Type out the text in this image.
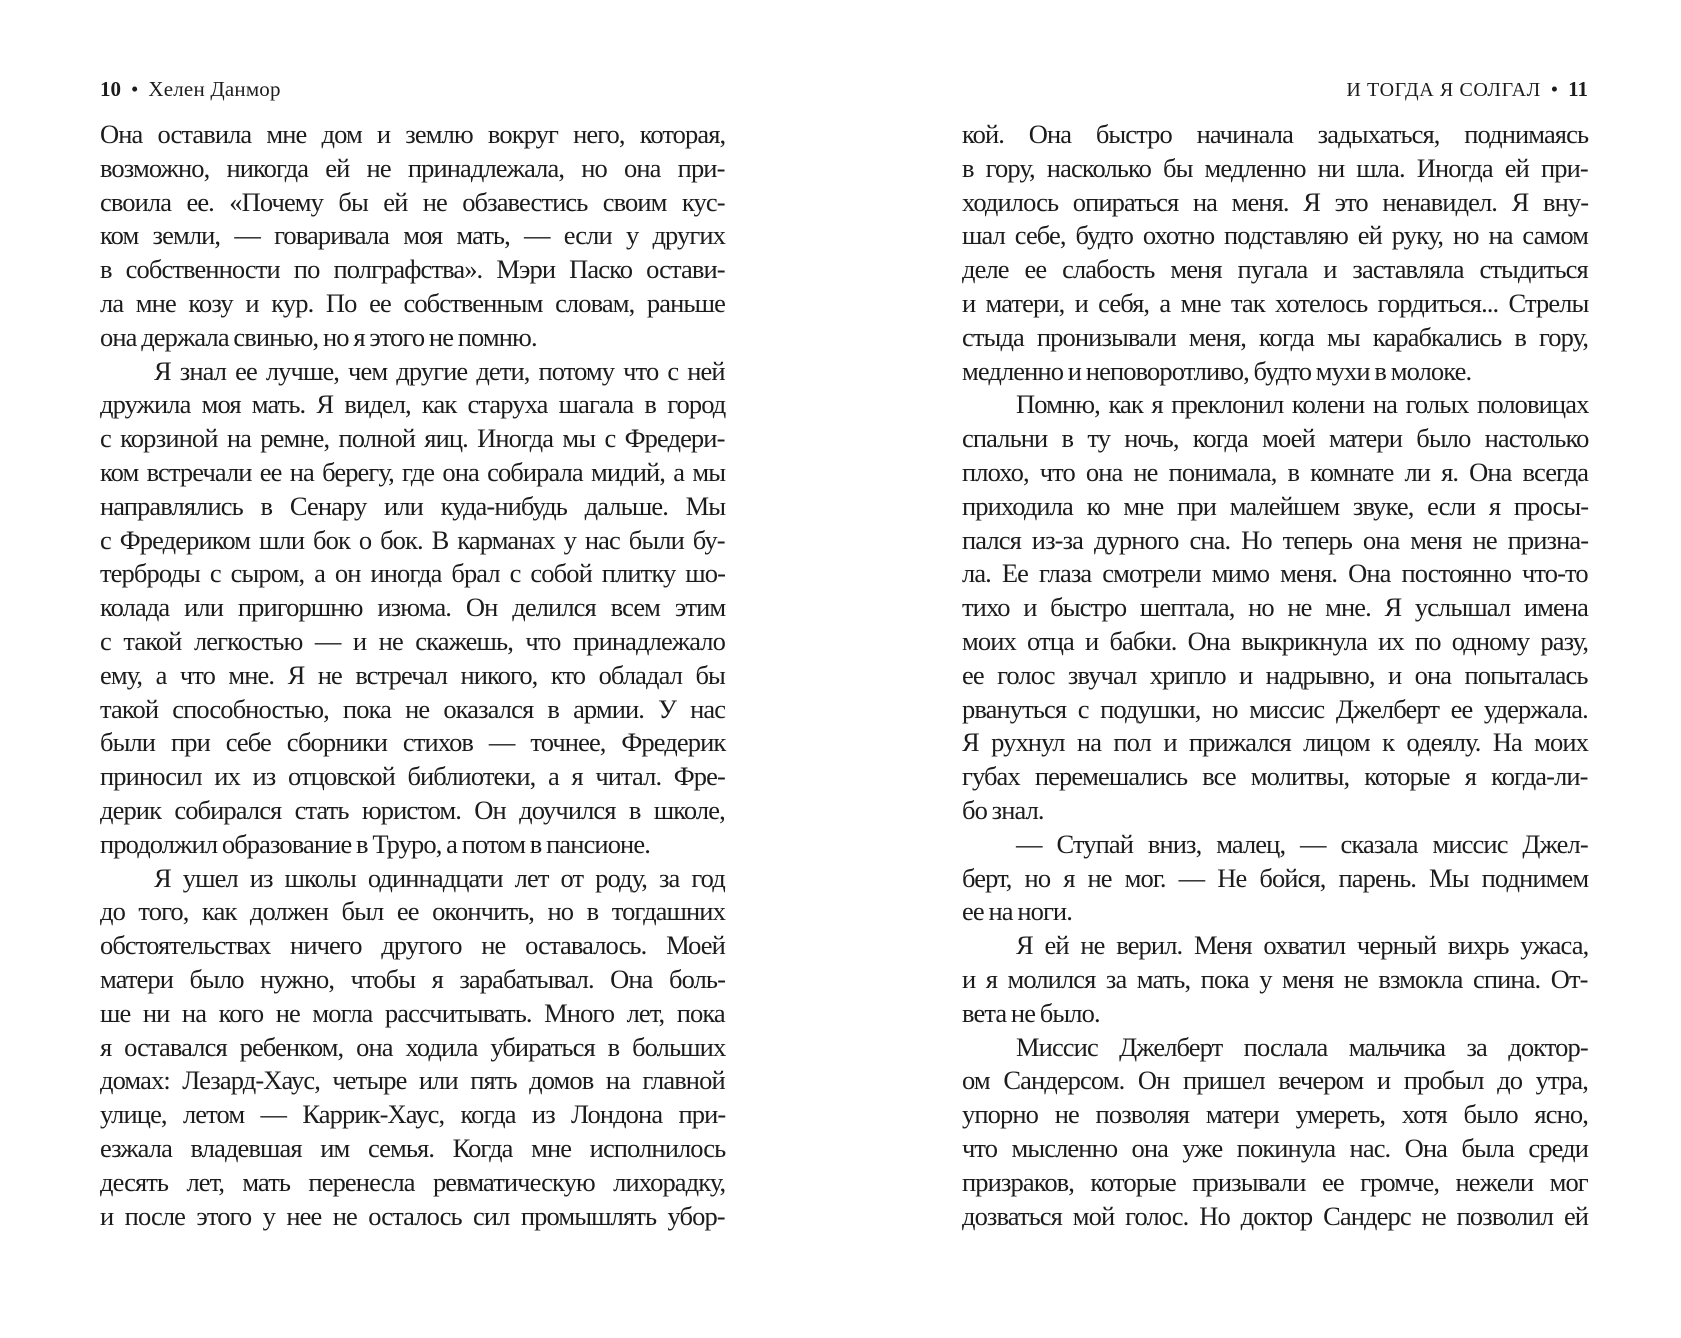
10 • Хелен Данмор
Она оставила мне дом и землю вокруг него, которая,
возможно, никогда ей не принадлежала, но она при-
своила ее. «Почему бы ей не обзавестись своим кус-
ком земли, — говаривала моя мать, — если у других
в собственности по полграфства». Мэри Паско остави-
ла мне козу и кур. По ее собственным словам, раньше
она держала свинью, но я этого не помню.
Я знал ее лучше, чем другие дети, потому что с ней
дружила моя мать. Я видел, как старуха шагала в город
с корзиной на ремне, полной яиц. Иногда мы с Фредери-
ком встречали ее на берегу, где она собирала мидий, а мы
направлялись в Сенару или куда-нибудь дальше. Мы
с Фредериком шли бок о бок. В карманах у нас были бу-
терброды с сыром, а он иногда брал с собой плитку шо-
колада или пригоршню изюма. Он делился всем этим
с такой легкостью — и не скажешь, что принадлежало
ему, а что мне. Я не встречал никого, кто обладал бы
такой способностью, пока не оказался в армии. У нас
были при себе сборники стихов — точнее, Фредерик
приносил их из отцовской библиотеки, а я читал. Фре-
дерик собирался стать юристом. Он доучился в школе,
продолжил образование в Труро, а потом в пансионе.
Я ушел из школы одиннадцати лет от роду, за год
до того, как должен был ее окончить, но в тогдашних
обстоятельствах ничего другого не оставалось. Моей
матери было нужно, чтобы я зарабатывал. Она боль-
ше ни на кого не могла рассчитывать. Много лет, пока
я оставался ребенком, она ходила убираться в больших
домах: Лезард-Хаус, четыре или пять домов на главной
улице, летом — Каррик-Хаус, когда из Лондона при-
езжала владевшая им семья. Когда мне исполнилось
десять лет, мать перенесла ревматическую лихорадку,
и после этого у нее не осталось сил промышлять убор-
И ТОГДА Я СОЛГАЛ • 11
кой. Она быстро начинала задыхаться, поднимаясь
в гору, насколько бы медленно ни шла. Иногда ей при-
ходилось опираться на меня. Я это ненавидел. Я вну-
шал себе, будто охотно подставляю ей руку, но на самом
деле ее слабость меня пугала и заставляла стыдиться
и матери, и себя, а мне так хотелось гордиться... Стрелы
стыда пронизывали меня, когда мы карабкались в гору,
медленно и неповоротливо, будто мухи в молоке.
Помню, как я преклонил колени на голых половицах
спальни в ту ночь, когда моей матери было настолько
плохо, что она не понимала, в комнате ли я. Она всегда
приходила ко мне при малейшем звуке, если я просы-
пался из-за дурного сна. Но теперь она меня не призна-
ла. Ее глаза смотрели мимо меня. Она постоянно что-то
тихо и быстро шептала, но не мне. Я услышал имена
моих отца и бабки. Она выкрикнула их по одному разу,
ее голос звучал хрипло и надрывно, и она попыталась
рвануться с подушки, но миссис Джелберт ее удержала.
Я рухнул на пол и прижался лицом к одеялу. На моих
губах перемешались все молитвы, которые я когда-ли-
бо знал.
— Ступай вниз, малец, — сказала миссис Джел-
берт, но я не мог. — Не бойся, парень. Мы поднимем
ее на ноги.
Я ей не верил. Меня охватил черный вихрь ужаса,
и я молился за мать, пока у меня не взмокла спина. От-
вета не было.
Миссис Джелберт послала мальчика за доктор-
ом Сандерсом. Он пришел вечером и пробыл до утра,
упорно не позволяя матери умереть, хотя было ясно,
что мысленно она уже покинула нас. Она была среди
призраков, которые призывали ее громче, нежели мог
дозваться мой голос. Но доктор Сандерс не позволил ей
